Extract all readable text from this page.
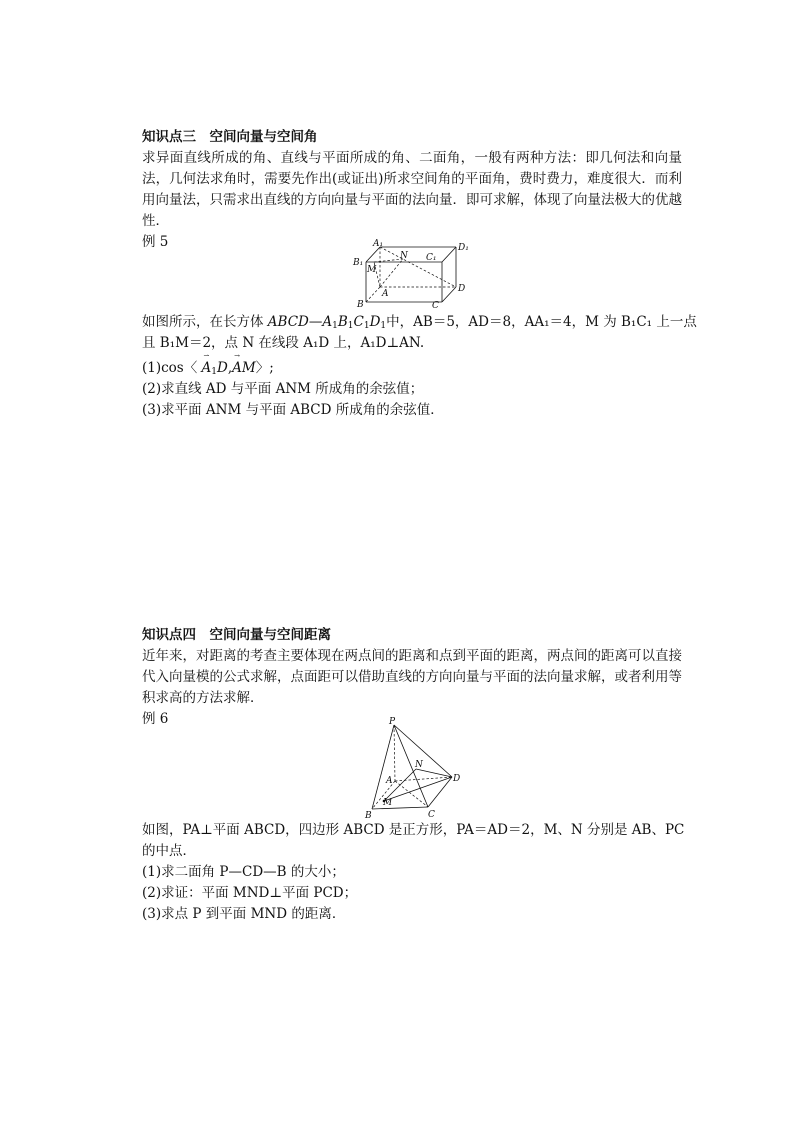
知识点三　空间向量与空间角
求异面直线所成的角、直线与平面所成的角、二面角，一般有两种方法：即几何法和向量法，几何法求角时，需要先作出(或证出)所求空间角的平面角，费时费力，难度很大．而利用向量法，只需求出直线的方向向量与平面的法向量．即可求解，体现了向量法极大的优越性．
例 5	A₁
N
D₁
B₁	C₁
M
A	D
B	C
如图所示，在长方体 $ABCD—A_1B_1C_1D_1$中，AB＝5，AD＝8，AA₁＝4，M 为 B₁C₁ 上一点
且 B₁M＝2，点 N 在线段 A₁D 上，A₁D⊥AN.
(1)cos〈
⇀
$A_1D$,
→
AM〉;
(2)求直线 AD 与平面 ANM 所成角的余弦值；
(3)求平面 ANM 与平面 ABCD 所成角的余弦值．
知识点四　空间向量与空间距离
近年来，对距离的考查主要体现在两点间的距离和点到平面的距离，两点间的距离可以直接代入向量模的公式求解，点面距可以借助直线的方向向量与平面的法向量求解，或者利用等积求高的方法求解．
例 6	P
N
D
A
M
B	C
如图，PA⊥平面 ABCD，四边形 ABCD 是正方形，PA＝AD＝2，M、N 分别是 AB、PC
的中点．
(1)求二面角 P—CD—B 的大小；
(2)求证：平面 MND⊥平面 PCD；
(3)求点 P 到平面 MND 的距离．
